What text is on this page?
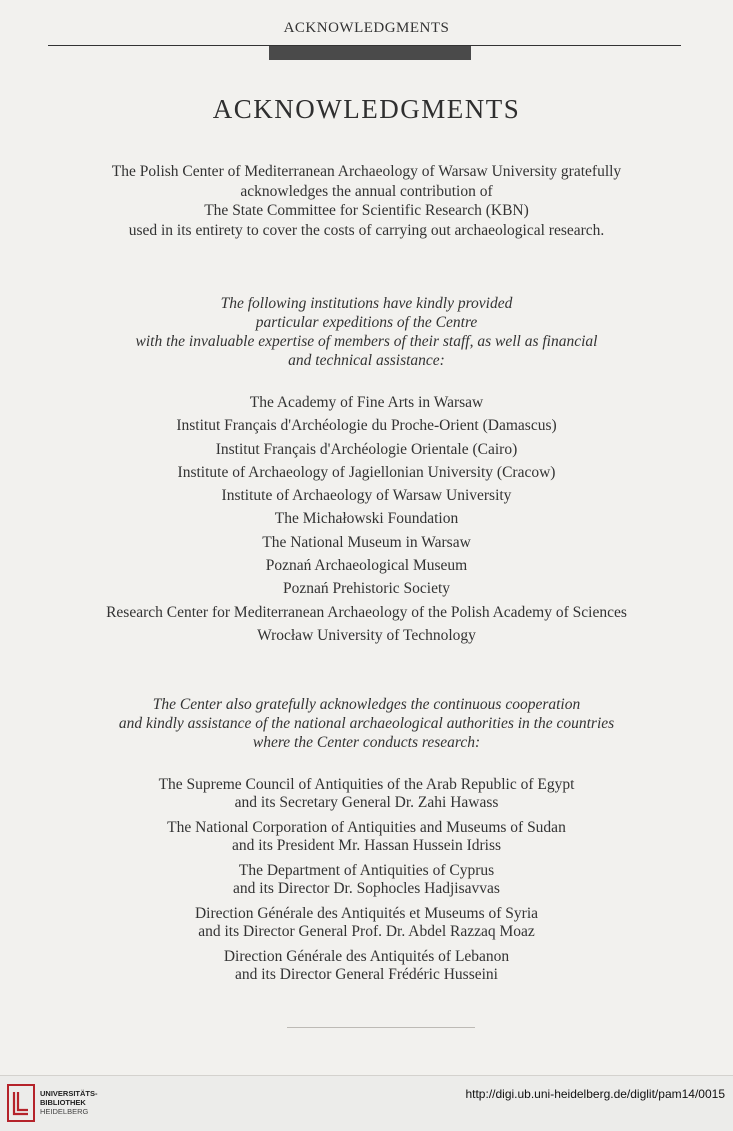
ACKNOWLEDGMENTS
ACKNOWLEDGMENTS
The Polish Center of Mediterranean Archaeology of Warsaw University gratefully
acknowledges the annual contribution of
The State Committee for Scientific Research (KBN)
used in its entirety to cover the costs of carrying out archaeological research.
The following institutions have kindly provided
particular expeditions of the Centre
with the invaluable expertise of members of their staff, as well as financial
and technical assistance:
The Academy of Fine Arts in Warsaw
Institut Français d'Archéologie du Proche-Orient (Damascus)
Institut Français d'Archéologie Orientale (Cairo)
Institute of Archaeology of Jagiellonian University (Cracow)
Institute of Archaeology of Warsaw University
The Michałowski Foundation
The National Museum in Warsaw
Poznań Archaeological Museum
Poznań Prehistoric Society
Research Center for Mediterranean Archaeology of the Polish Academy of Sciences
Wrocław University of Technology
The Center also gratefully acknowledges the continuous cooperation
and kindly assistance of the national archaeological authorities in the countries
where the Center conducts research:
The Supreme Council of Antiquities of the Arab Republic of Egypt
and its Secretary General Dr. Zahi Hawass
The National Corporation of Antiquities and Museums of Sudan
and its President Mr. Hassan Hussein Idriss
The Department of Antiquities of Cyprus
and its Director Dr. Sophocles Hadjisavvas
Direction Générale des Antiquités et Museums of Syria
and its Director General Prof. Dr. Abdel Razzaq Moaz
Direction Générale des Antiquités of Lebanon
and its Director General Frédéric Husseini
UNIVERSITÄTS-
BIBLIOTHEK
HEIDELBERG
http://digi.ub.uni-heidelberg.de/diglit/pam14/0015
